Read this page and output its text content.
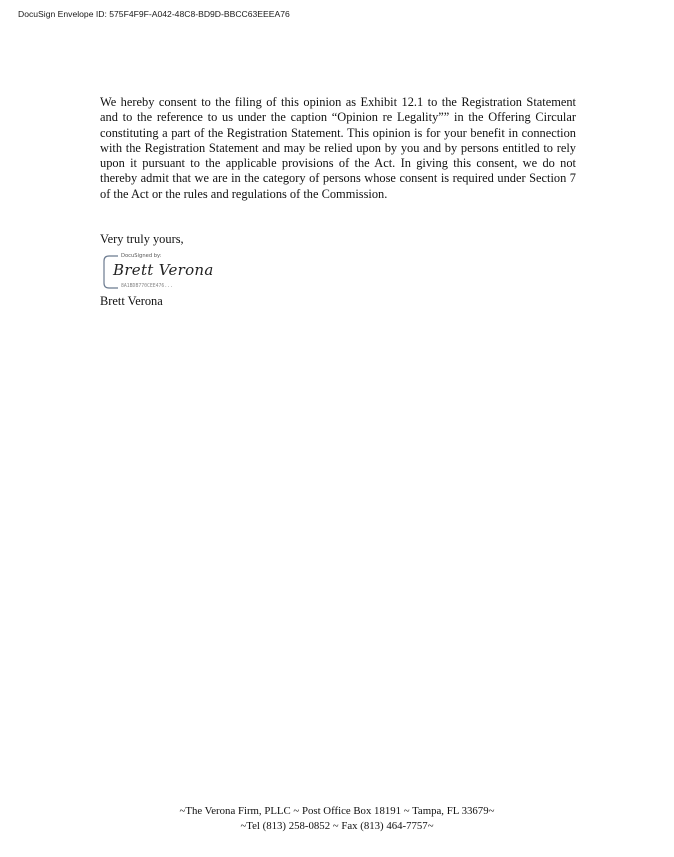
DocuSign Envelope ID: 575F4F9F-A042-48C8-BD9D-BBCC63EEEA76

We hereby consent to the filing of this opinion as Exhibit 12.1 to the Registration Statement and to the reference to us under the caption “Opinion re Legality”” in the Offering Circular constituting a part of the Registration Statement. This opinion is for your benefit in connection with the Registration Statement and may be relied upon by you and by persons entitled to rely upon it pursuant to the applicable provisions of the Act. In giving this consent, we do not thereby admit that we are in the category of persons whose consent is required under Section 7 of the Act or the rules and regulations of the Commission.

Very truly yours,

DocuSigned by:
Brett Verona
8A1BDB770CEE476...

Brett Verona

~The Verona Firm, PLLC ~ Post Office Box 18191 ~ Tampa, FL 33679~
~Tel (813) 258-0852 ~ Fax (813) 464-7757~
